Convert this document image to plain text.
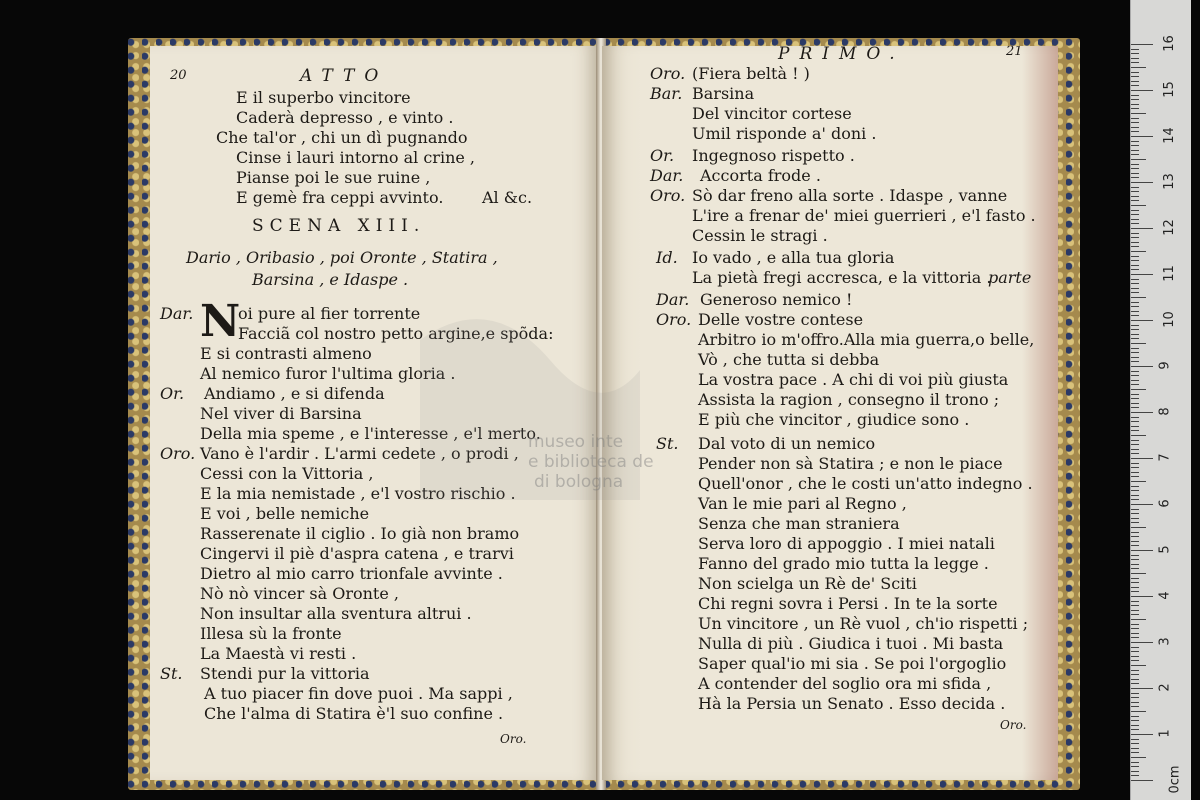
20	ATTO
E il superbo vincitore
Caderà depresso , e vinto .
Che tal'or , chi un dì pugnando
Cinse i lauri intorno al crine ,
Pianse poi le sue ruine ,
E gemè fra ceppi avvinto. Al &c.
SCENA XIII.
Dario , Oribasio , poi Oronte , Statira ,
Barsina , e Idaspe .
Dar. N
oi pure al fier torrente
Facciã col nostro petto argine,e spõda:
E si contrasti almeno
Al nemico furor l'ultima gloria .
Or. Andiamo , e si difenda
Nel viver di Barsina
Della mia speme , e l'interesse , e'l merto.
Oro. Vano è l'ardir . L'armi cedete , o prodi ,
Cessi con la Vittoria ,
E la mia nemistade , e'l vostro rischio .
E voi , belle nemiche
Rasserenate il ciglio . Io già non bramo
Cingervi il piè d'aspra catena , e trarvi
Dietro al mio carro trionfale avvinte .
Nò nò vincer sà Oronte ,
Non insultar alla sventura altrui .
Illesa sù la fronte
La Maestà vi resti .
St. Stendi pur la vittoria
A tuo piacer fin dove puoi . Ma sappi ,
Che l'alma di Statira è'l suo confine .
Oro.
PRIMO.	21
Oro. (Fiera beltà ! )
Bar. Barsina
Del vincitor cortese
Umil risponde a' doni .
Or. Ingegnoso rispetto .
Dar. Accorta frode .
Oro. Sò dar freno alla sorte . Idaspe , vanne
L'ire a frenar de' miei guerrieri , e'l fasto .
Cessin le stragi .
Id. Io vado , e alla tua gloria
La pietà fregi accresca, e la vittoria .
parte
Dar. Generoso nemico !
Oro. Delle vostre contese
Arbitro io m'offro.Alla mia guerra,o belle,
Vò , che tutta si debba
La vostra pace . A chi di voi più giusta
Assista la ragion , consegno il trono ;
E più che vincitor , giudice sono .
St. Dal voto di un nemico
Pender non sà Statira ; e non le piace
Quell'onor , che le costi un'atto indegno .
Van le mie pari al Regno ,
Senza che man straniera
Serva loro di appoggio . I miei natali
Fanno del grado mio tutta la legge .
Non scielga un Rè de' Sciti
Chi regni sovra i Persi . In te la sorte
Un vincitore , un Rè vuol , ch'io rispetti ;
Nulla di più . Giudica i tuoi . Mi basta
Saper qual'io mi sia . Se poi l'orgoglio
A contender del soglio ora mi sfida ,
Hà la Persia un Senato . Esso decida .
Oro.
museo inte
e biblioteca de
di bologna
0cm
1
2
3
4
5
6
7
8
9
10
11
12
13
14
15
16
